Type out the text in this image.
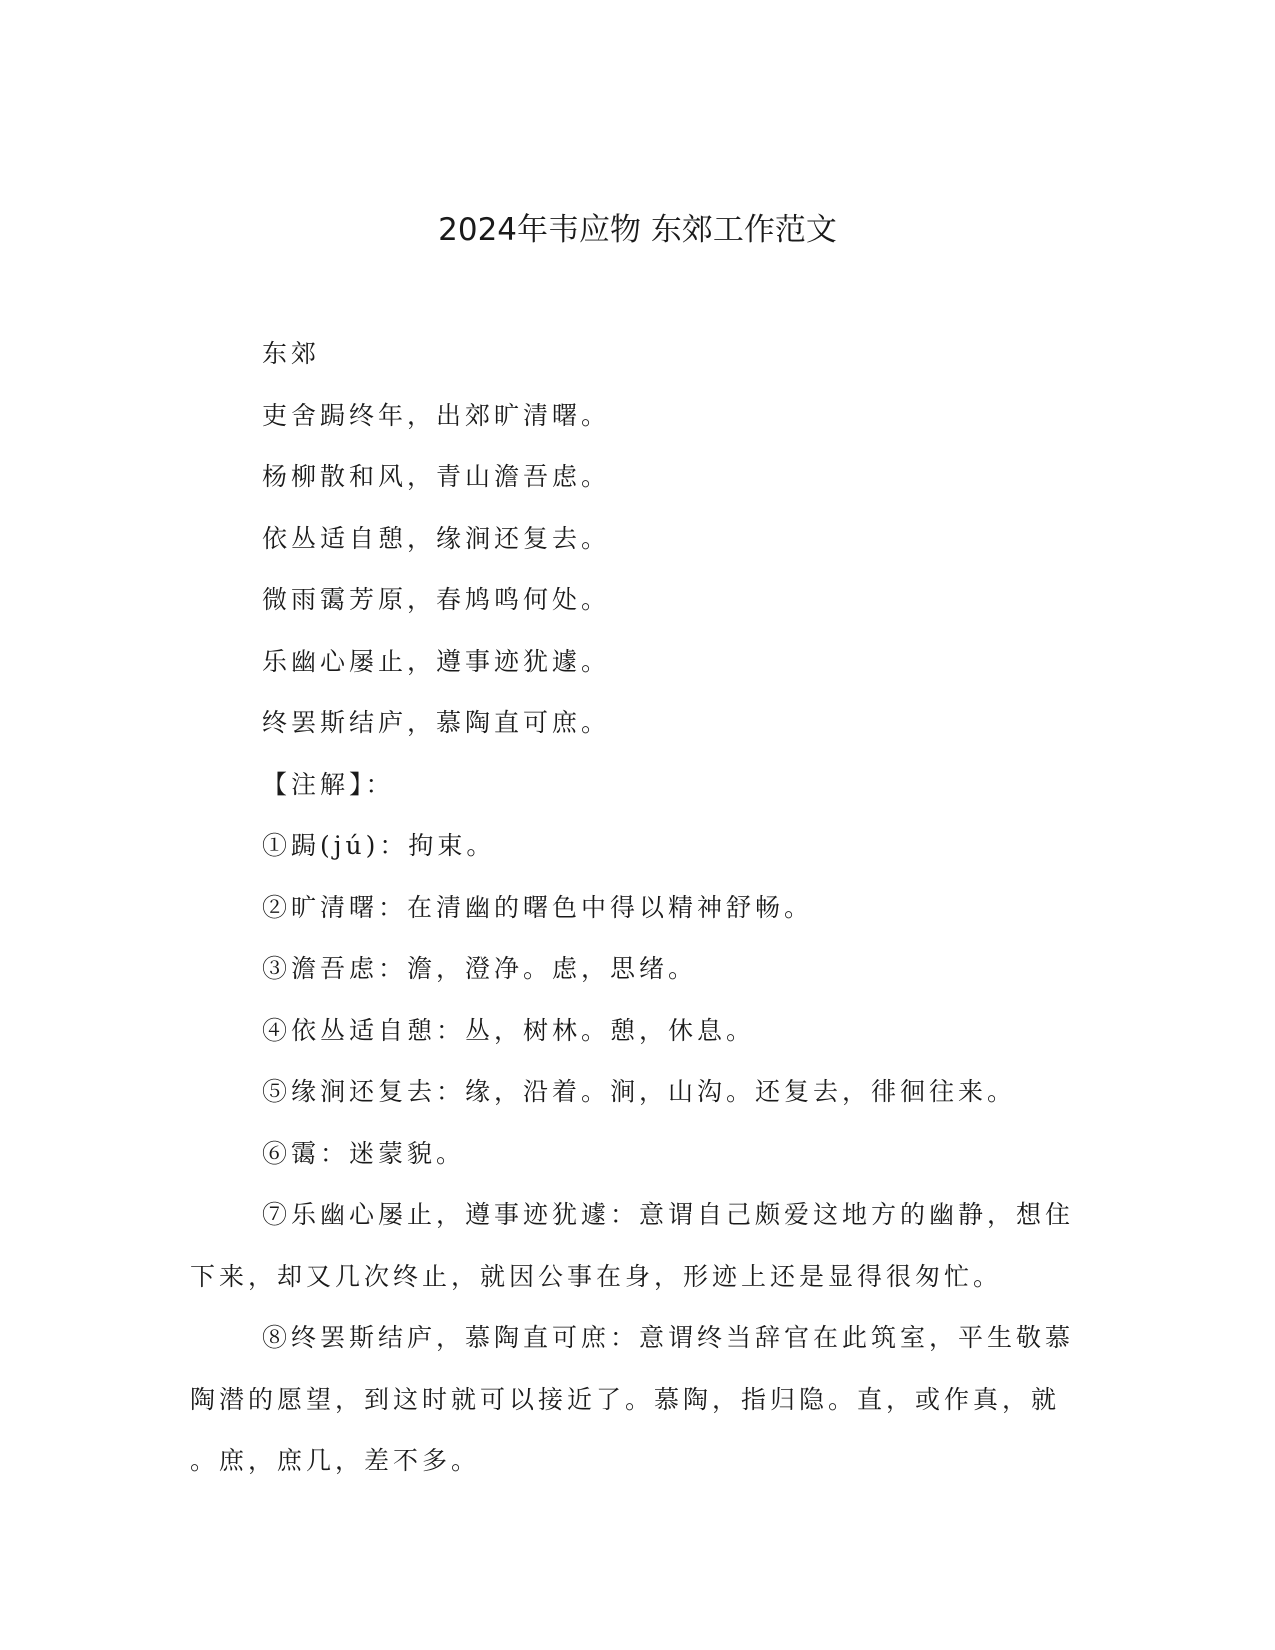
2024年韦应物 东郊工作范文

东郊

吏舍跼终年，出郊旷清曙。

杨柳散和风，青山澹吾虑。

依丛适自憩，缘涧还复去。

微雨霭芳原，春鸠鸣何处。

乐幽心屡止，遵事迹犹遽。

终罢斯结庐，慕陶直可庶。

【注解】：

①跼(jú)：拘束。

②旷清曙：在清幽的曙色中得以精神舒畅。

③澹吾虑：澹，澄净。虑，思绪。

④依丛适自憩：丛，树林。憩，休息。

⑤缘涧还复去：缘，沿着。涧，山沟。还复去，徘徊往来。

⑥霭：迷蒙貌。

⑦乐幽心屡止，遵事迹犹遽：意谓自己颇爱这地方的幽静，想住

下来，却又几次终止，就因公事在身，形迹上还是显得很匆忙。

⑧终罢斯结庐，慕陶直可庶：意谓终当辞官在此筑室，平生敬慕

陶潜的愿望，到这时就可以接近了。慕陶，指归隐。直，或作真，就

。庶，庶几，差不多。
